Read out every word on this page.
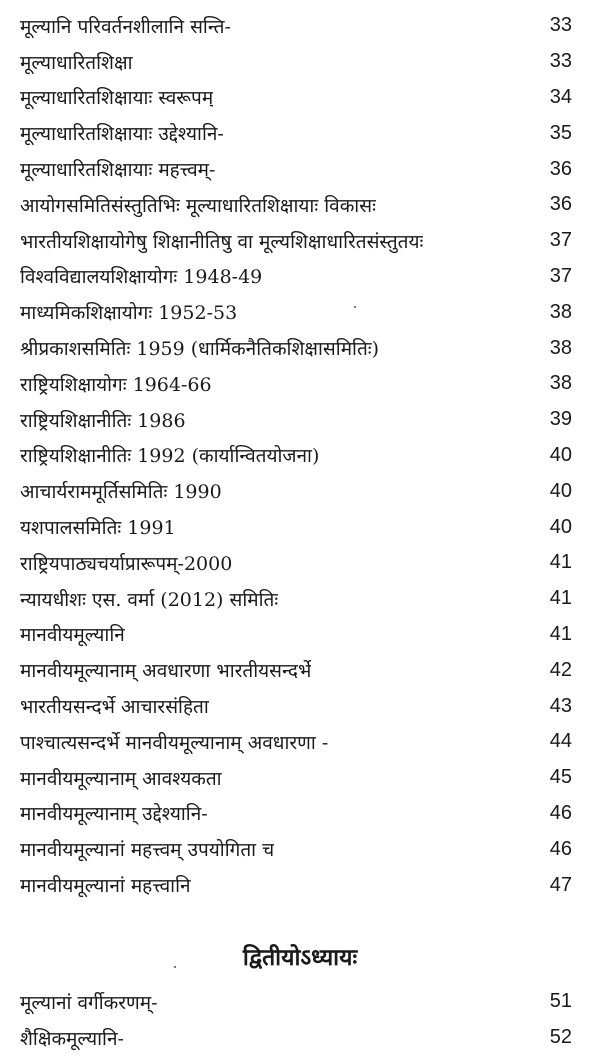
मूल्यानि परिवर्तनशीलानि सन्ति-	33
मूल्याधारितशिक्षा	33
मूल्याधारितशिक्षायाः स्वरूपम्	34
मूल्याधारितशिक्षायाः उद्देश्यानि-	35
मूल्याधारितशिक्षायाः महत्त्वम्-	36
आयोगसमितिसंस्तुतिभिः मूल्याधारितशिक्षायाः विकासः	36
भारतीयशिक्षायोगेषु शिक्षानीतिषु वा मूल्यशिक्षाधारितसंस्तुतयः	37
विश्वविद्यालयशिक्षायोगः 1948-49	37
माध्यमिकशिक्षायोगः 1952-53	38
श्रीप्रकाशसमितिः 1959 (धार्मिकनैतिकशिक्षासमितिः)	38
राष्ट्रियशिक्षायोगः 1964-66	38
राष्ट्रियशिक्षानीतिः 1986	39
राष्ट्रियशिक्षानीतिः 1992 (कार्यान्वितयोजना)	40
आचार्यराममूर्तिसमितिः 1990	40
यशपालसमितिः 1991	40
राष्ट्रियपाठ्यचर्याप्रारूपम्-2000	41
न्यायधीशः एस. वर्मा (2012) समितिः	41
मानवीयमूल्यानि	41
मानवीयमूल्यानाम् अवधारणा भारतीयसन्दर्भे	42
भारतीयसन्दर्भे आचारसंहिता	43
पाश्चात्यसन्दर्भे मानवीयमूल्यानाम् अवधारणा -	44
मानवीयमूल्यानाम् आवश्यकता	45
मानवीयमूल्यानाम् उद्देश्यानि-	46
मानवीयमूल्यानां महत्त्वम् उपयोगिता च	46
मानवीयमूल्यानां महत्त्वानि	47
द्वितीयोऽध्यायः
मूल्यानां वर्गीकरणम्-	51
शैक्षिकमूल्यानि-	52
